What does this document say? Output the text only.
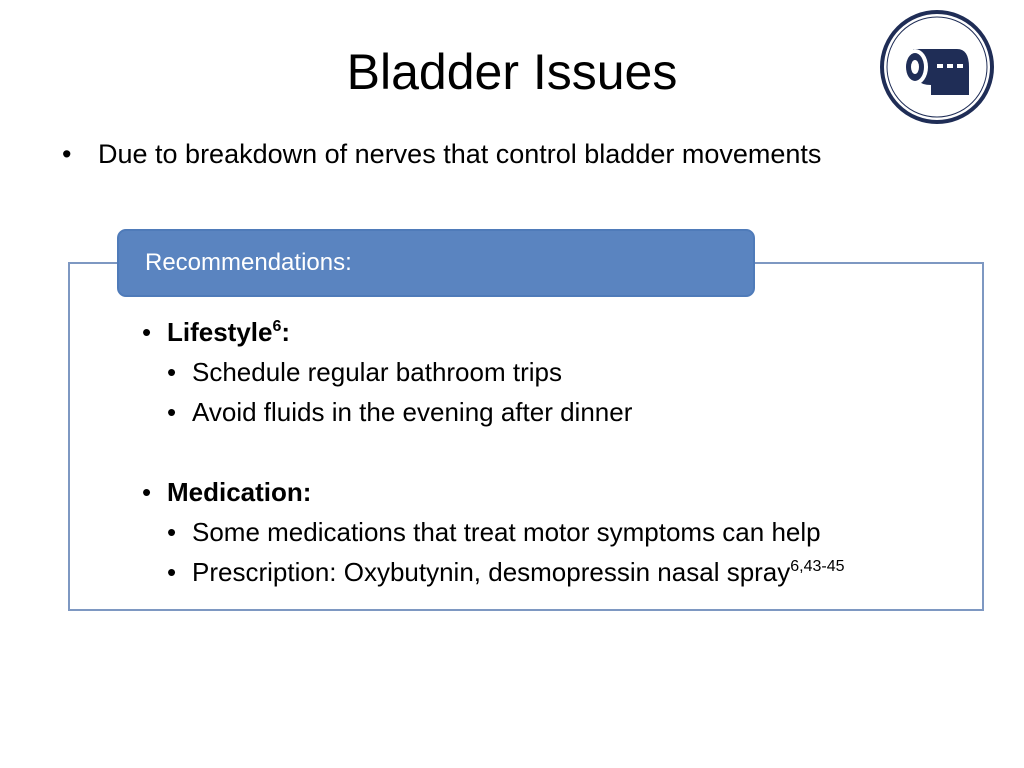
Bladder Issues
• Due to breakdown of nerves that control bladder movements
Recommendations:
• Lifestyle$^6$:
• Schedule regular bathroom trips
• Avoid fluids in the evening after dinner
• Medication:
• Some medications that treat motor symptoms can help
• Prescription: Oxybutynin, desmopressin nasal spray$^{6,43-45}$
